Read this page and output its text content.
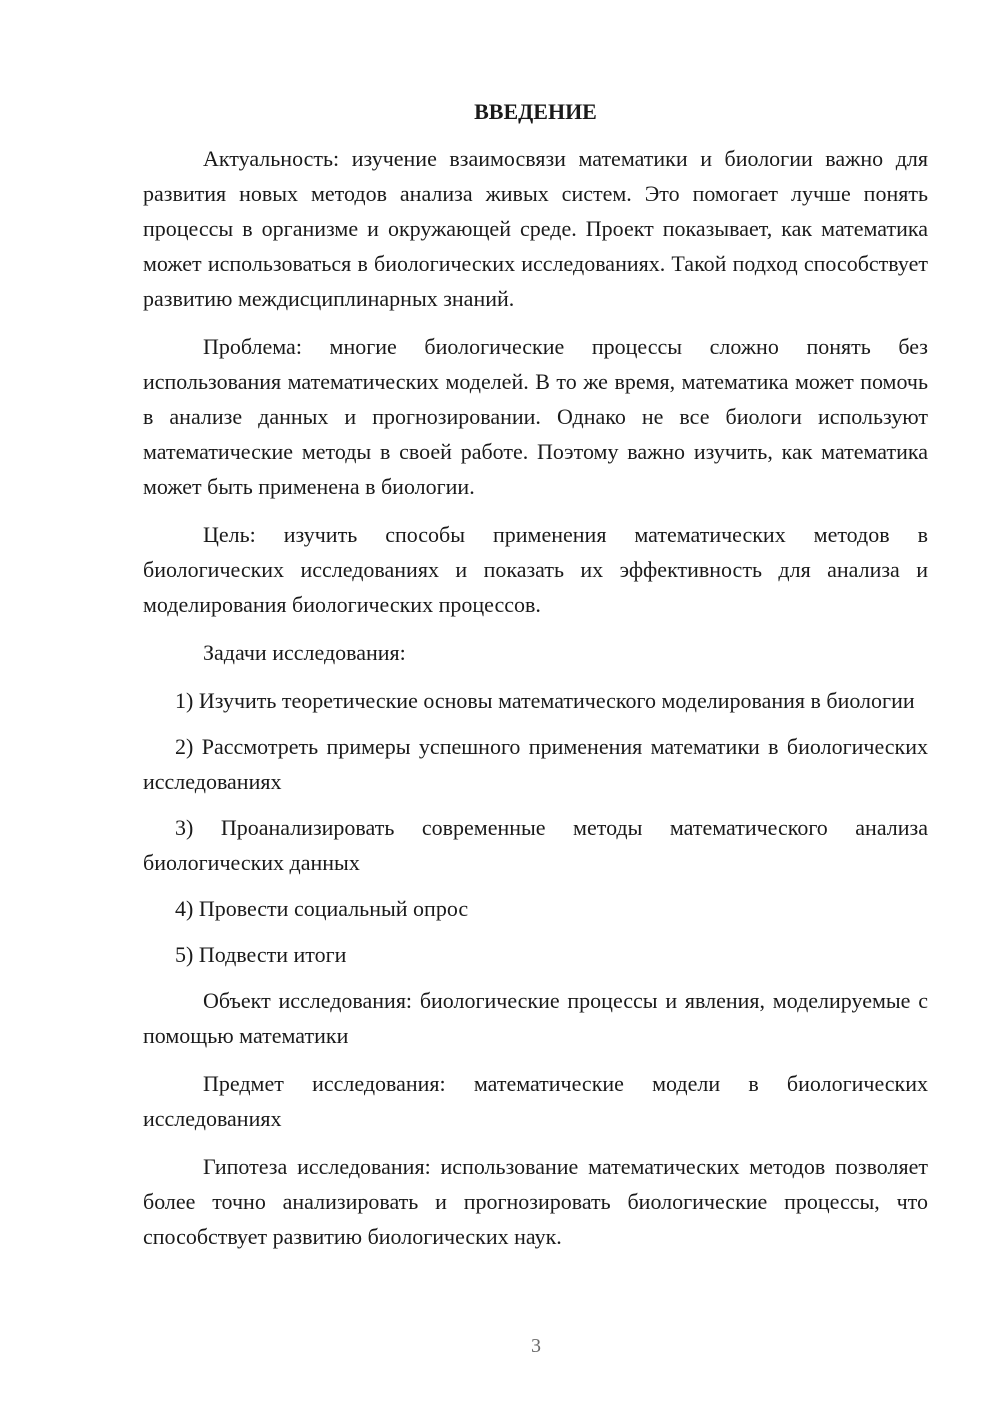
ВВЕДЕНИЕ

Актуальность: изучение взаимосвязи математики и биологии важно для развития новых методов анализа живых систем. Это помогает лучше понять процессы в организме и окружающей среде. Проект показывает, как математика может использоваться в биологических исследованиях. Такой подход способствует развитию междисциплинарных знаний.

Проблема: многие биологические процессы сложно понять без использования математических моделей. В то же время, математика может помочь в анализе данных и прогнозировании. Однако не все биологи используют математические методы в своей работе. Поэтому важно изучить, как математика может быть применена в биологии.

Цель: изучить способы применения математических методов в биологических исследованиях и показать их эффективность для анализа и моделирования биологических процессов.

Задачи исследования:

1) Изучить теоретические основы математического моделирования в биологии
2) Рассмотреть примеры успешного применения математики в биологических исследованиях
3) Проанализировать современные методы математического анализа биологических данных
4) Провести социальный опрос
5) Подвести итоги

Объект исследования: биологические процессы и явления, моделируемые с помощью математики

Предмет исследования: математические модели в биологических исследованиях

Гипотеза исследования: использование математических методов позволяет более точно анализировать и прогнозировать биологические процессы, что способствует развитию биологических наук.

3
